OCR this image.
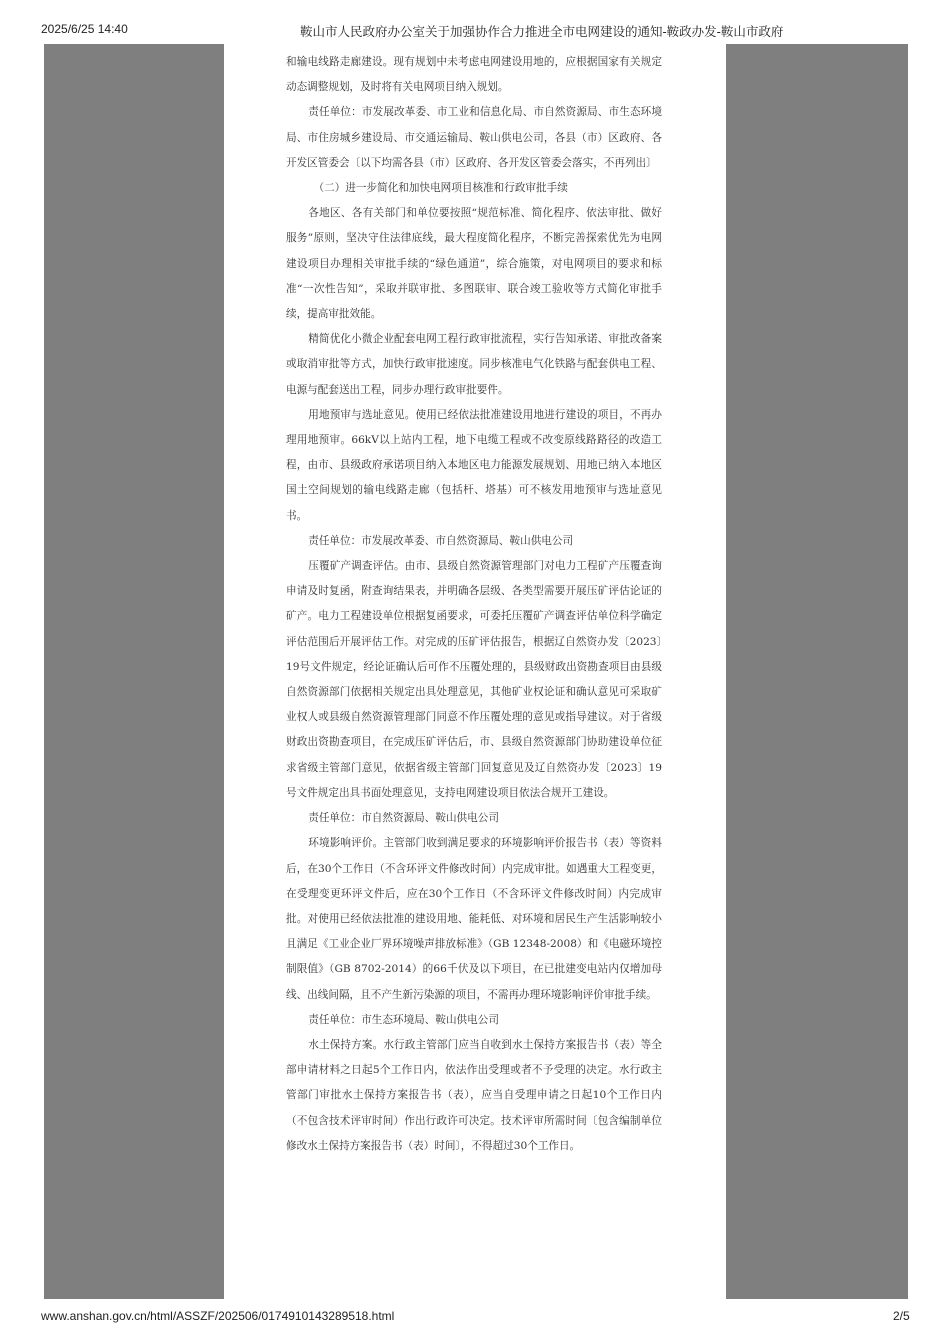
2025/6/25 14:40	鞍山市人民政府办公室关于加强协作合力推进全市电网建设的通知-鞍政办发-鞍山市政府

和输电线路走廊建设。现有规划中未考虑电网建设用地的，应根据国家有关规定动态调整规划，及时将有关电网项目纳入规划。

责任单位：市发展改革委、市工业和信息化局、市自然资源局、市生态环境局、市住房城乡建设局、市交通运输局、鞍山供电公司，各县（市）区政府、各开发区管委会〔以下均需各县（市）区政府、各开发区管委会落实，不再列出〕

（二）进一步简化和加快电网项目核准和行政审批手续

各地区、各有关部门和单位要按照“规范标准、简化程序、依法审批、做好服务”原则，坚决守住法律底线，最大程度简化程序，不断完善探索优先为电网建设项目办理相关审批手续的“绿色通道”，综合施策，对电网项目的要求和标准“一次性告知”，采取并联审批、多图联审、联合竣工验收等方式简化审批手续，提高审批效能。

精简优化小微企业配套电网工程行政审批流程，实行告知承诺、审批改备案或取消审批等方式，加快行政审批速度。同步核准电气化铁路与配套供电工程、电源与配套送出工程，同步办理行政审批要件。

用地预审与选址意见。使用已经依法批准建设用地进行建设的项目，不再办理用地预审。66kV以上站内工程，地下电缆工程或不改变原线路路径的改造工程，由市、县级政府承诺项目纳入本地区电力能源发展规划、用地已纳入本地区国土空间规划的输电线路走廊（包括杆、塔基）可不核发用地预审与选址意见书。

责任单位：市发展改革委、市自然资源局、鞍山供电公司

压覆矿产调查评估。由市、县级自然资源管理部门对电力工程矿产压覆查询申请及时复函，附查询结果表，并明确各层级、各类型需要开展压矿评估论证的矿产。电力工程建设单位根据复函要求，可委托压覆矿产调查评估单位科学确定评估范围后开展评估工作。对完成的压矿评估报告，根据辽自然资办发〔2023〕19号文件规定，经论证确认后可作不压覆处理的，县级财政出资勘查项目由县级自然资源部门依据相关规定出具处理意见，其他矿业权论证和确认意见可采取矿业权人或县级自然资源管理部门同意不作压覆处理的意见或指导建议。对于省级财政出资勘查项目，在完成压矿评估后，市、县级自然资源部门协助建设单位征求省级主管部门意见，依据省级主管部门回复意见及辽自然资办发〔2023〕19号文件规定出具书面处理意见，支持电网建设项目依法合规开工建设。

责任单位：市自然资源局、鞍山供电公司

环境影响评价。主管部门收到满足要求的环境影响评价报告书（表）等资料后，在30个工作日（不含环评文件修改时间）内完成审批。如遇重大工程变更，在受理变更环评文件后，应在30个工作日（不含环评文件修改时间）内完成审批。对使用已经依法批准的建设用地、能耗低、对环境和居民生产生活影响较小且满足《工业企业厂界环境噪声排放标准》（GB 12348-2008）和《电磁环境控制限值》（GB 8702-2014）的66千伏及以下项目，在已批建变电站内仅增加母线、出线间隔，且不产生新污染源的项目，不需再办理环境影响评价审批手续。

责任单位：市生态环境局、鞍山供电公司

水土保持方案。水行政主管部门应当自收到水土保持方案报告书（表）等全部申请材料之日起5个工作日内，依法作出受理或者不予受理的决定。水行政主管部门审批水土保持方案报告书（表），应当自受理申请之日起10个工作日内（不包含技术评审时间）作出行政许可决定。技术评审所需时间〔包含编制单位修改水土保持方案报告书（表）时间〕，不得超过30个工作日。

www.anshan.gov.cn/html/ASSZF/202506/0174910143289518.html	2/5
